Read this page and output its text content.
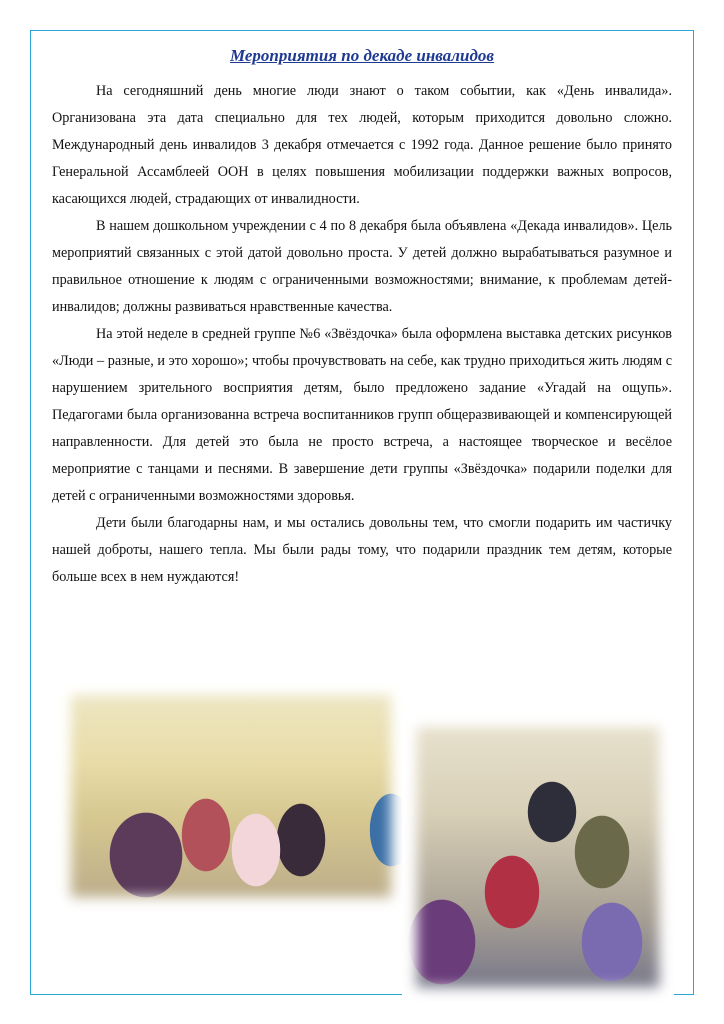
Мероприятия по декаде инвалидов

На сегодняшний день многие люди знают о таком событии, как «День инвалида». Организована эта дата специально для тех людей, которым приходится довольно сложно. Международный день инвалидов 3 декабря отмечается с 1992 года. Данное решение было принято Генеральной Ассамблеей ООН в целях повышения мобилизации поддержки важных вопросов, касающихся людей, страдающих от инвалидности.

В нашем дошкольном учреждении с 4 по 8 декабря была объявлена «Декада инвалидов». Цель мероприятий связанных с этой датой довольно проста. У детей должно вырабатываться разумное и правильное отношение к людям с ограниченными возможностями; внимание, к проблемам детей-инвалидов; должны развиваться нравственные качества.

На этой неделе в средней группе №6 «Звёздочка» была оформлена выставка детских рисунков «Люди – разные, и это хорошо»; чтобы прочувствовать на себе, как трудно приходиться жить людям с нарушением зрительного восприятия детям, было предложено задание «Угадай на ощупь». Педагогами была организованна встреча воспитанников групп общеразвивающей и компенсирующей направленности. Для детей это была не просто встреча, а настоящее творческое и весёлое мероприятие с танцами и песнями. В завершение дети группы «Звёздочка» подарили поделки для детей с ограниченными возможностями здоровья.

Дети были благодарны нам, и мы остались довольны тем, что смогли подарить им частичку нашей доброты, нашего тепла. Мы были рады тому, что подарили праздник тем детям, которые больше всех в нем нуждаются!
